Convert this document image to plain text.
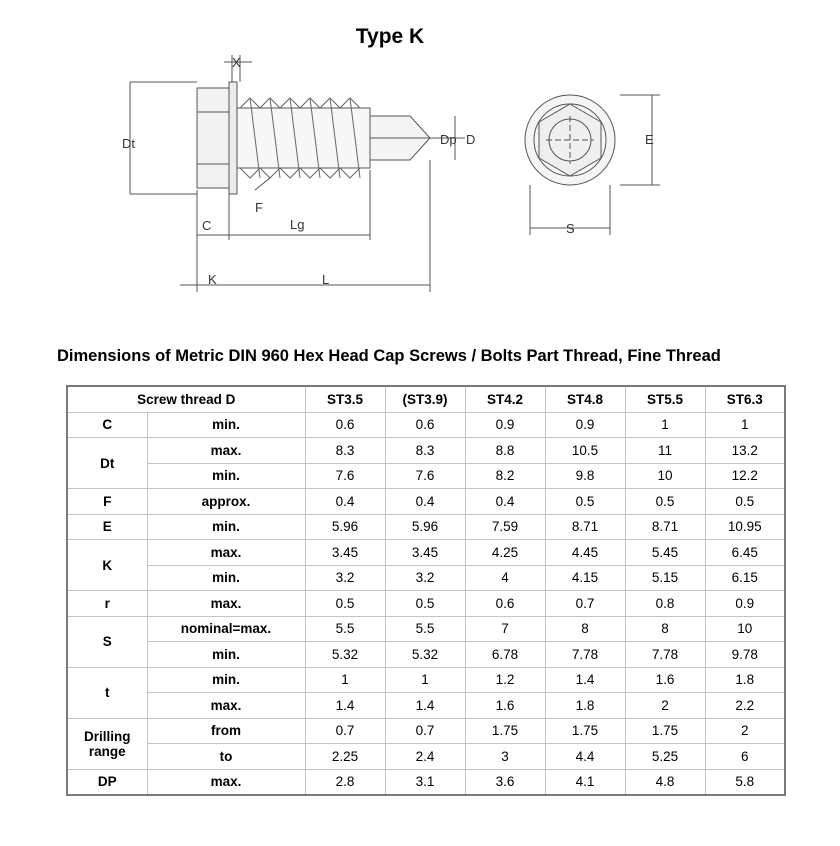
Type K
X
Dt	Dp D
F
C	Lg
K	L
E
S
Dimensions of Metric DIN 960 Hex Head Cap Screws / Bolts Part Thread, Fine Thread
Screw thread D		ST3.5	(ST3.9)	ST4.2	ST4.8	ST5.5	ST6.3
C	min.	0.6	0.6	0.9	0.9	1	1
Dt	max.	8.3	8.3	8.8	10.5	11	13.2
	min.	7.6	7.6	8.2	9.8	10	12.2
F	approx.	0.4	0.4	0.4	0.5	0.5	0.5
E	min.	5.96	5.96	7.59	8.71	8.71	10.95
K	max.	3.45	3.45	4.25	4.45	5.45	6.45
	min.	3.2	3.2	4	4.15	5.15	6.15
r	max.	0.5	0.5	0.6	0.7	0.8	0.9
S	nominal=max.	5.5	5.5	7	8	8	10
	min.	5.32	5.32	6.78	7.78	7.78	9.78
t	min.	1	1	1.2	1.4	1.6	1.8
	max.	1.4	1.4	1.6	1.8	2	2.2
Drilling range	from	0.7	0.7	1.75	1.75	1.75	2
	to	2.25	2.4	3	4.4	5.25	6
DP	max.	2.8	3.1	3.6	4.1	4.8	5.8
